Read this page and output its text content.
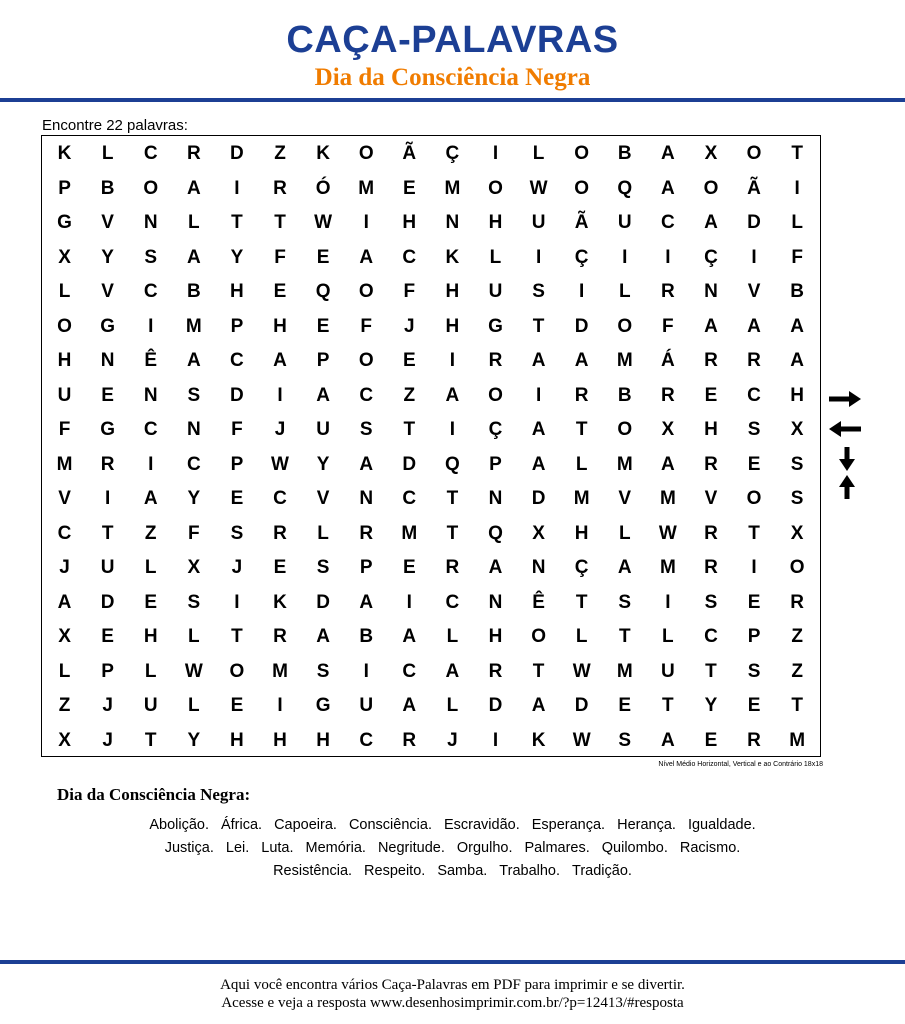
CAÇA-PALAVRAS
Dia da Consciência Negra
Encontre 22 palavras:
K	L	C	R	D	Z	K	O	Ã	Ç	I	L	O	B	A	X	O	T
P	B	O	A	I	R	Ó	M	E	M	O	W	O	Q	A	O	Ã	I
G	V	N	L	T	T	W	I	H	N	H	U	Ã	U	C	A	D	L
X	Y	S	A	Y	F	E	A	C	K	L	I	Ç	I	I	Ç	I	F
L	V	C	B	H	E	Q	O	F	H	U	S	I	L	R	N	V	B
O	G	I	M	P	H	E	F	J	H	G	T	D	O	F	A	A	A
H	N	Ê	A	C	A	P	O	E	I	R	A	A	M	Á	R	R	A
U	E	N	S	D	I	A	C	Z	A	O	I	R	B	R	E	C	H
F	G	C	N	F	J	U	S	T	I	Ç	A	T	O	X	H	S	X
M	R	I	C	P	W	Y	A	D	Q	P	A	L	M	A	R	E	S
V	I	A	Y	E	C	V	N	C	T	N	D	M	V	M	V	O	S
C	T	Z	F	S	R	L	R	M	T	Q	X	H	L	W	R	T	X
J	U	L	X	J	E	S	P	E	R	A	N	Ç	A	M	R	I	O
A	D	E	S	I	K	D	A	I	C	N	Ê	T	S	I	S	E	R
X	E	H	L	T	R	A	B	A	L	H	O	L	T	L	C	P	Z
L	P	L	W	O	M	S	I	C	A	R	T	W	M	U	T	S	Z
Z	J	U	L	E	I	G	U	A	L	D	A	D	E	T	Y	E	T
X	J	T	Y	H	H	H	C	R	J	I	K	W	S	A	E	R	M
Nível Médio Horizontal, Vertical e ao Contrário 18x18
Dia da Consciência Negra:
Abolição. África. Capoeira. Consciência. Escravidão. Esperança. Herança. Igualdade.
Justiça. Lei. Luta. Memória. Negritude. Orgulho. Palmares. Quilombo. Racismo.
Resistência. Respeito. Samba. Trabalho. Tradição.
Aqui você encontra vários Caça-Palavras em PDF para imprimir e se divertir.
Acesse e veja a resposta www.desenhosimprimir.com.br/?p=12413/#resposta
